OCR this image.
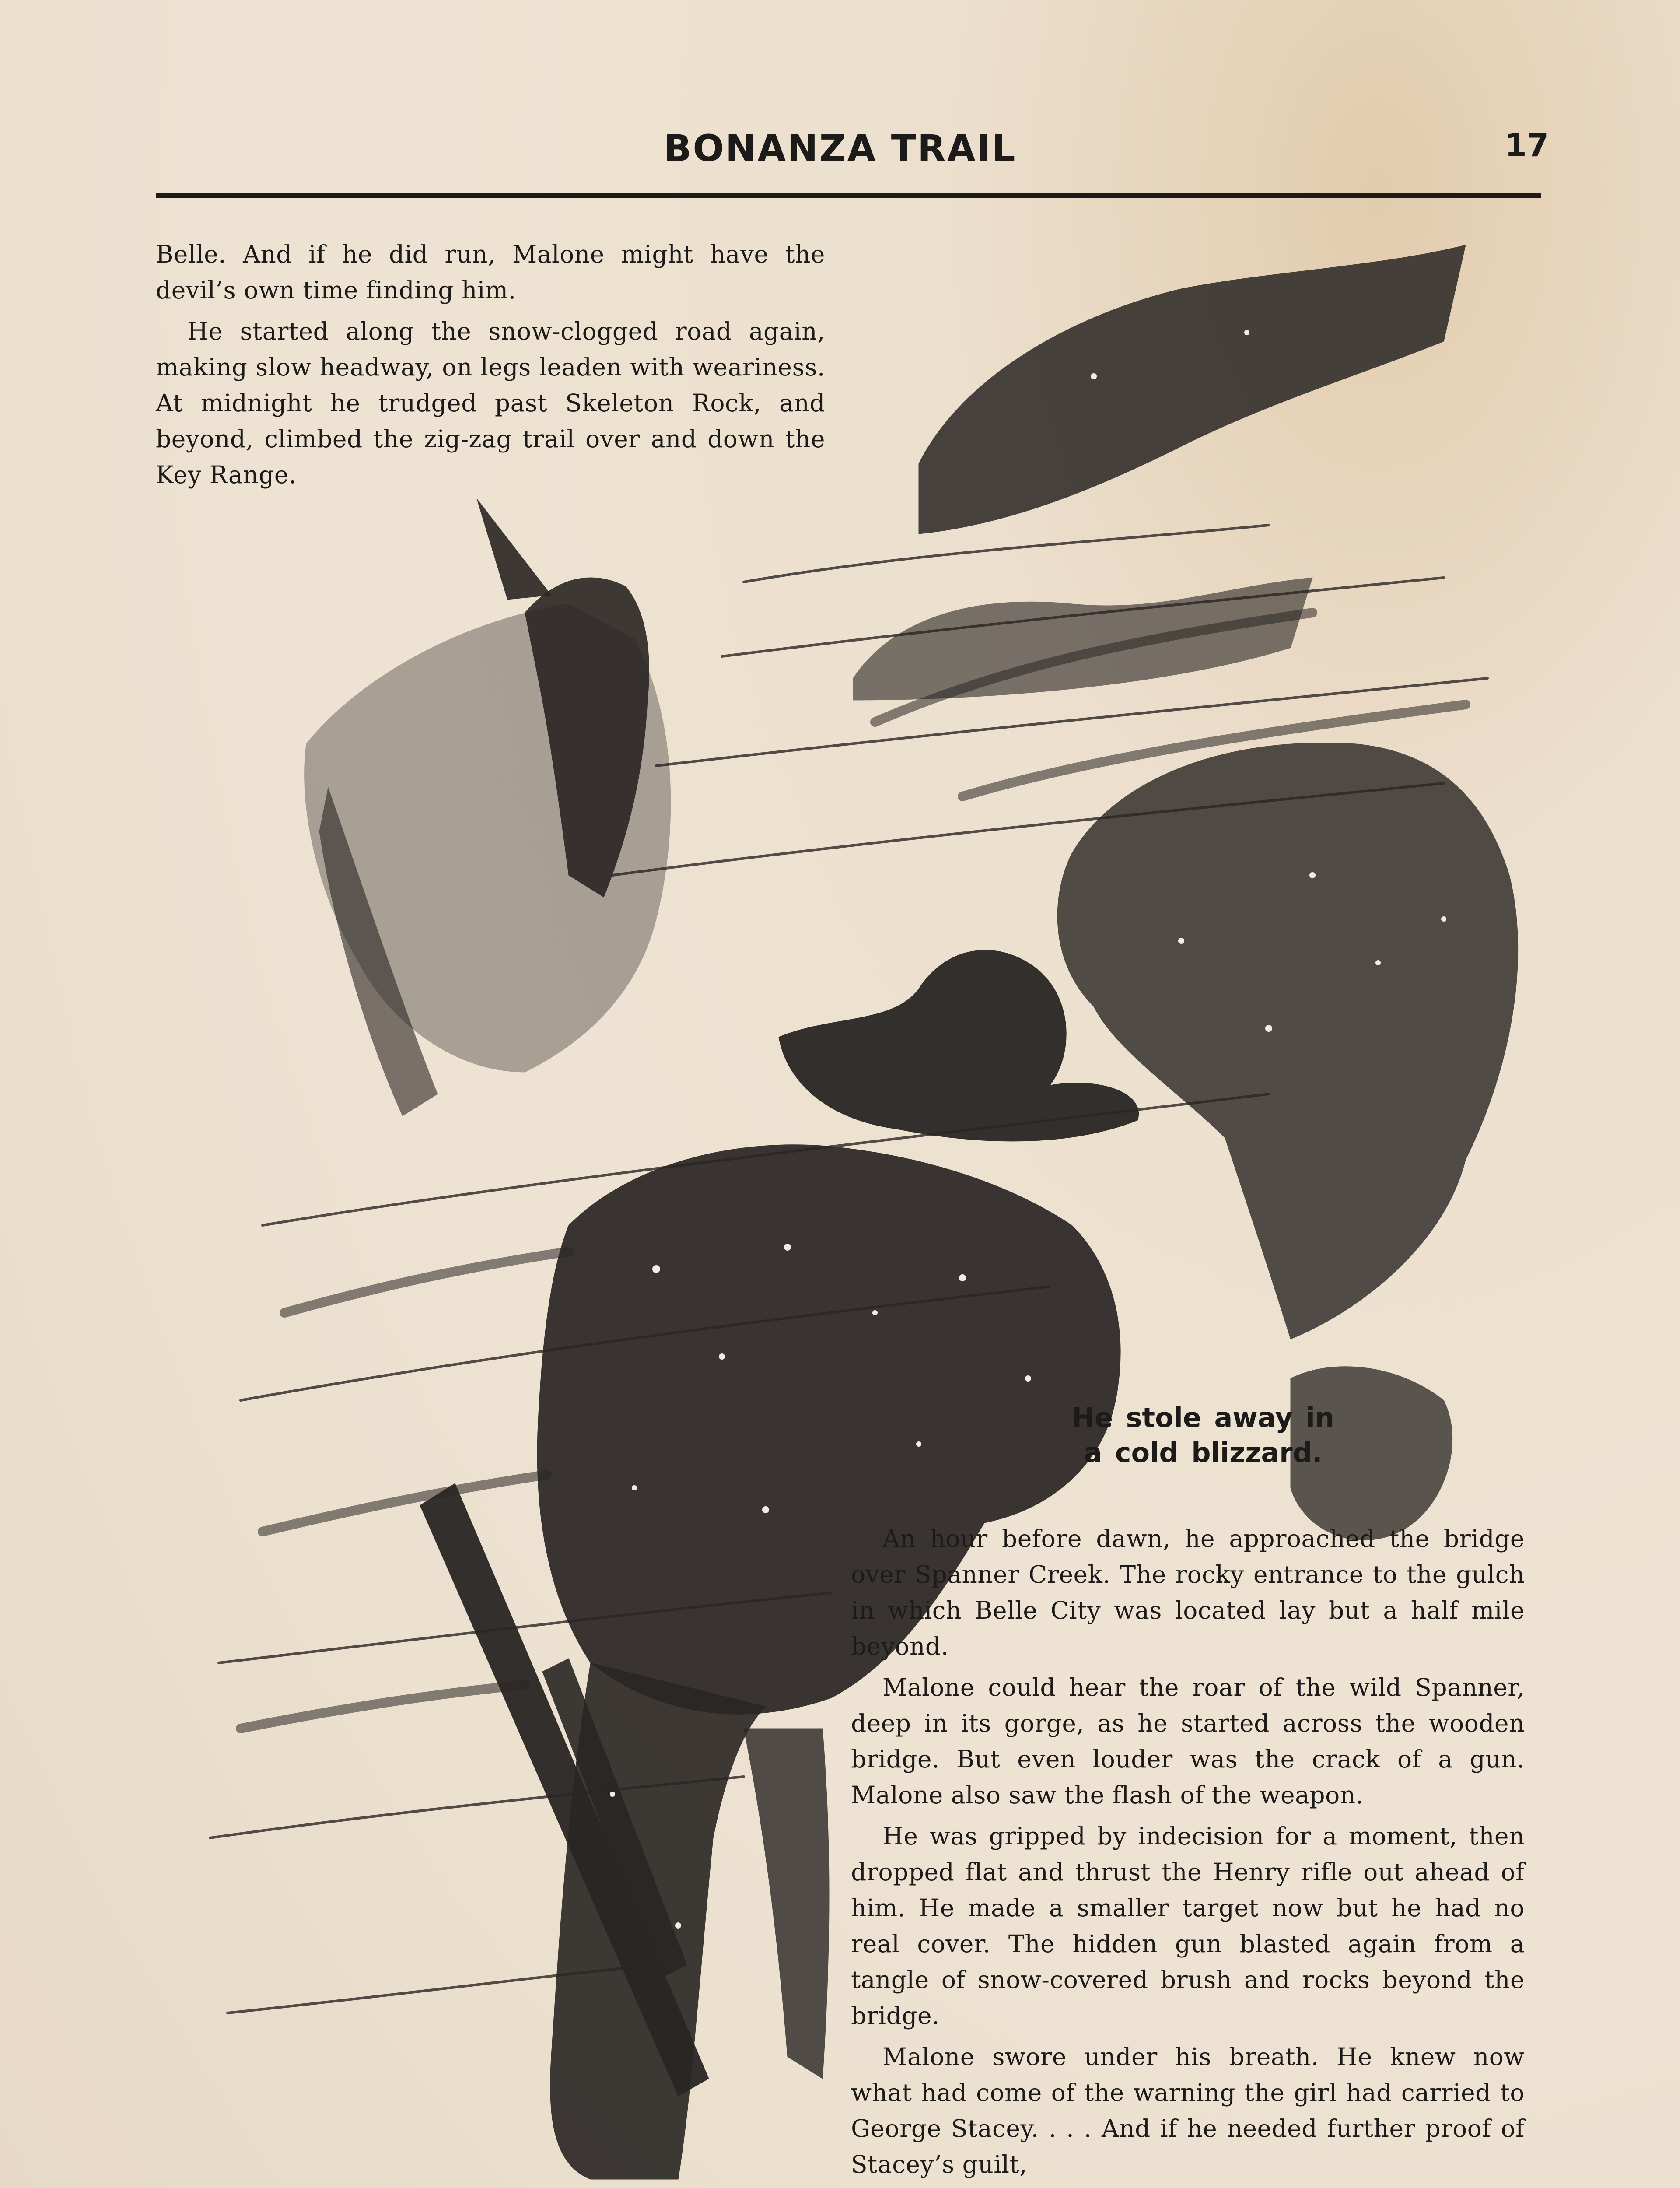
BONANZA TRAIL	17

Belle. And if he did run, Malone might have the devil’s own time finding him.

He started along the snow-clogged road again, making slow headway, on legs leaden with weariness. At midnight he trudged past Skeleton Rock, and beyond, climbed the zig-zag trail over and down the Key Range.

He stole away in
a cold blizzard.

An hour before dawn, he approached the bridge over Spanner Creek. The rocky entrance to the gulch in which Belle City was located lay but a half mile beyond.

Malone could hear the roar of the wild Spanner, deep in its gorge, as he started across the wooden bridge. But even louder was the crack of a gun. Malone also saw the flash of the weapon.

He was gripped by indecision for a moment, then dropped flat and thrust the Henry rifle out ahead of him. He made a smaller target now but he had no real cover. The hidden gun blasted again from a tangle of snow-covered brush and rocks beyond the bridge.

Malone swore under his breath. He knew now what had come of the warning the girl had carried to George Stacey. . . . And if he needed further proof of Stacey’s guilt,
